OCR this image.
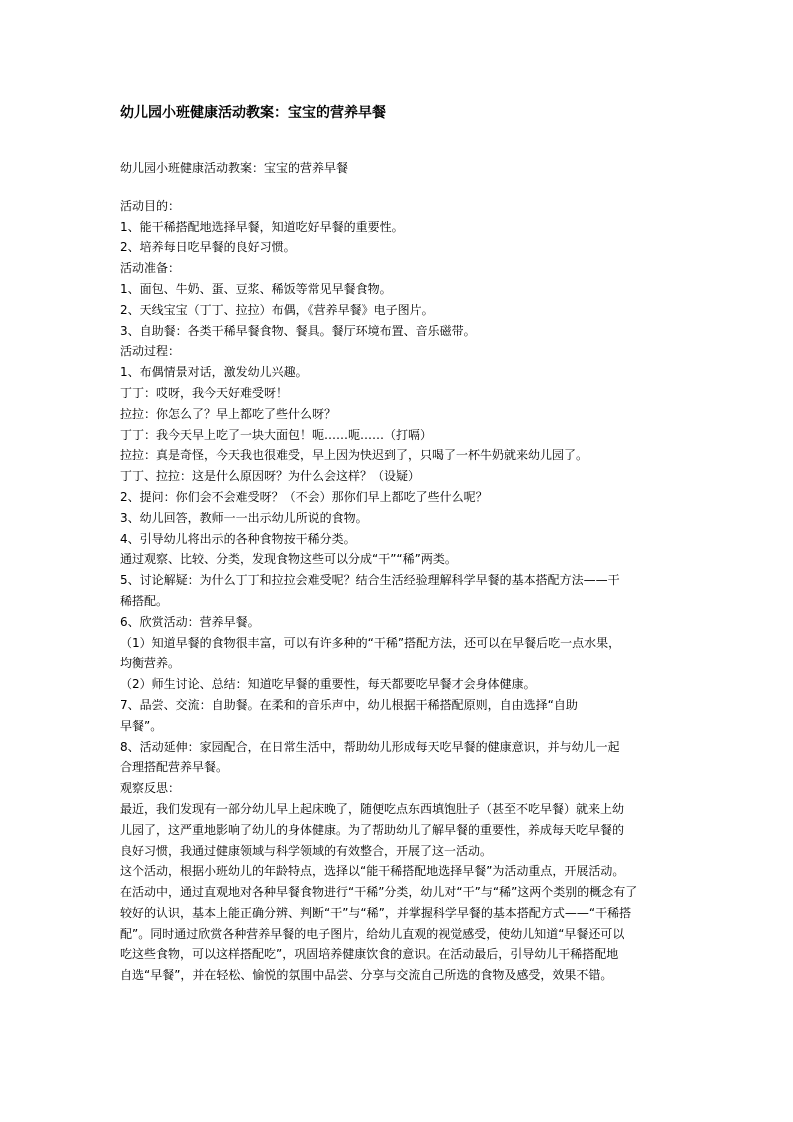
幼儿园小班健康活动教案：宝宝的营养早餐
幼儿园小班健康活动教案：宝宝的营养早餐
活动目的：
1、能干稀搭配地选择早餐，知道吃好早餐的重要性。
2、培养每日吃早餐的良好习惯。
活动准备：
1、面包、牛奶、蛋、豆浆、稀饭等常见早餐食物。
2、天线宝宝（丁丁、拉拉）布偶，《营养早餐》电子图片。
3、自助餐：各类干稀早餐食物、餐具。餐厅环境布置、音乐磁带。
活动过程：
1、布偶情景对话，激发幼儿兴趣。
丁丁：哎呀，我今天好难受呀！
拉拉：你怎么了？早上都吃了些什么呀？
丁丁：我今天早上吃了一块大面包！呃……呃……（打嗝）
拉拉：真是奇怪，今天我也很难受，早上因为快迟到了，只喝了一杯牛奶就来幼儿园了。
丁丁、拉拉：这是什么原因呀？为什么会这样？（设疑）
2、提问：你们会不会难受呀？（不会）那你们早上都吃了些什么呢？
3、幼儿回答，教师一一出示幼儿所说的食物。
4、引导幼儿将出示的各种食物按干稀分类。
通过观察、比较、分类，发现食物这些可以分成“干”“稀”两类。
5、讨论解疑：为什么丁丁和拉拉会难受呢？结合生活经验理解科学早餐的基本搭配方法——干
稀搭配。
6、欣赏活动：营养早餐。
（1）知道早餐的食物很丰富，可以有许多种的“干稀”搭配方法，还可以在早餐后吃一点水果，
均衡营养。
（2）师生讨论、总结：知道吃早餐的重要性，每天都要吃早餐才会身体健康。
7、品尝、交流：自助餐。在柔和的音乐声中，幼儿根据干稀搭配原则，自由选择“自助
早餐”。
8、活动延伸：家园配合，在日常生活中，帮助幼儿形成每天吃早餐的健康意识，并与幼儿一起
合理搭配营养早餐。
观察反思：
最近，我们发现有一部分幼儿早上起床晚了，随便吃点东西填饱肚子（甚至不吃早餐）就来上幼
儿园了，这严重地影响了幼儿的身体健康。为了帮助幼儿了解早餐的重要性，养成每天吃早餐的
良好习惯，我通过健康领域与科学领域的有效整合，开展了这一活动。
这个活动，根据小班幼儿的年龄特点，选择以“能干稀搭配地选择早餐”为活动重点，开展活动。
在活动中，通过直观地对各种早餐食物进行“干稀”分类，幼儿对“干”与“稀”这两个类别的概念有了
较好的认识，基本上能正确分辨、判断“干”与“稀”，并掌握科学早餐的基本搭配方式——“干稀搭
配”。同时通过欣赏各种营养早餐的电子图片，给幼儿直观的视觉感受，使幼儿知道“早餐还可以
吃这些食物，可以这样搭配吃”，巩固培养健康饮食的意识。在活动最后，引导幼儿干稀搭配地
自选“早餐”，并在轻松、愉悦的氛围中品尝、分享与交流自己所选的食物及感受，效果不错。
